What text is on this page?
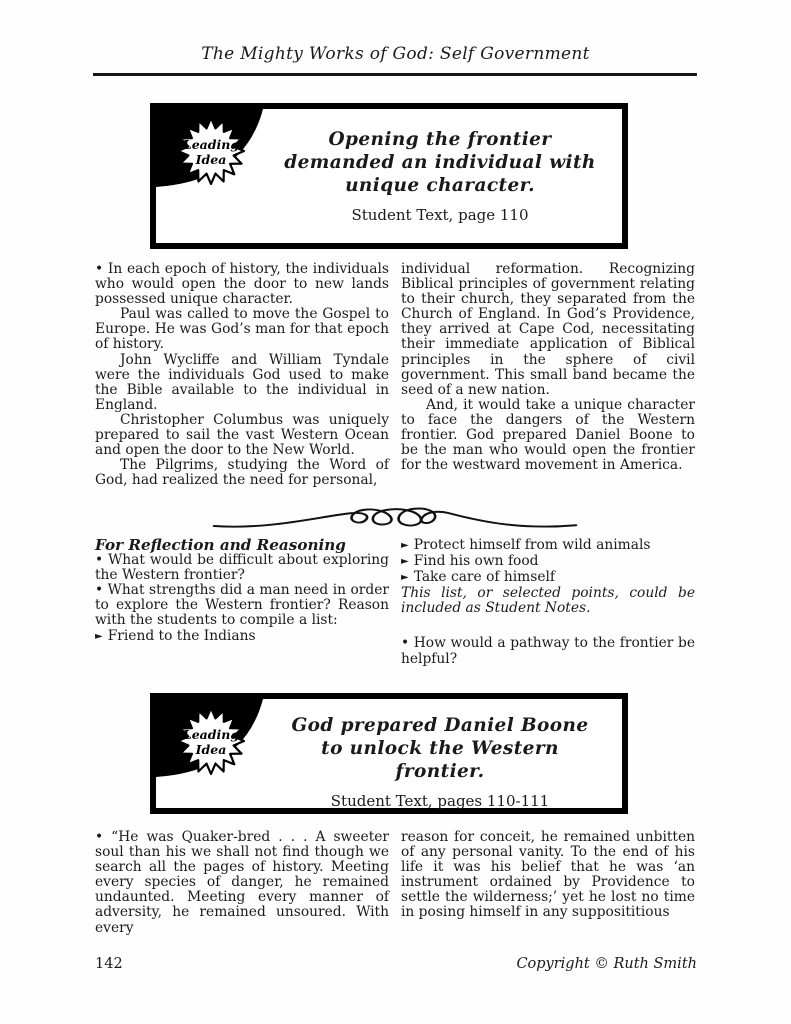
The Mighty Works of God: Self Government
Leading
Idea
Opening the frontier demanded an individual with unique character.
Student Text, page 110

• In each epoch of history, the individuals who would open the door to new lands possessed unique character.

Paul was called to move the Gospel to Europe. He was God’s man for that epoch of history.

John Wycliffe and William Tyndale were the individuals God used to make the Bible available to the individual in England.

Christopher Columbus was uniquely prepared to sail the vast Western Ocean and open the door to the New World.

The Pilgrims, studying the Word of God, had realized the need for personal,

individual reformation. Recognizing Biblical principles of government relating to their church, they separated from the Church of England. In God’s Providence, they arrived at Cape Cod, necessitating their immediate application of Biblical principles in the sphere of civil government. This small band became the seed of a new nation.

And, it would take a unique character to face the dangers of the Western frontier. God prepared Daniel Boone to be the man who would open the frontier for the westward movement in America.

For Reflection and Reasoning

• What would be difficult about exploring the Western frontier?

• What strengths did a man need in order to explore the Western frontier? Reason with the students to compile a list:

► Friend to the Indians

► Protect himself from wild animals

► Find his own food

► Take care of himself

This list, or selected points, could be included as Student Notes.

• How would a pathway to the frontier be helpful?

Leading
Idea
God prepared Daniel Boone to unlock the Western frontier.
Student Text, pages 110-111

• “He was Quaker-bred . . . A sweeter soul than his we shall not find though we search all the pages of history. Meeting every species of danger, he remained undaunted. Meeting every manner of adversity, he remained unsoured. With every

reason for conceit, he remained unbitten of any personal vanity. To the end of his life it was his belief that he was ‘an instrument ordained by Providence to settle the wilderness;’ yet he lost no time in posing himself in any supposititious

142	Copyright © Ruth Smith
